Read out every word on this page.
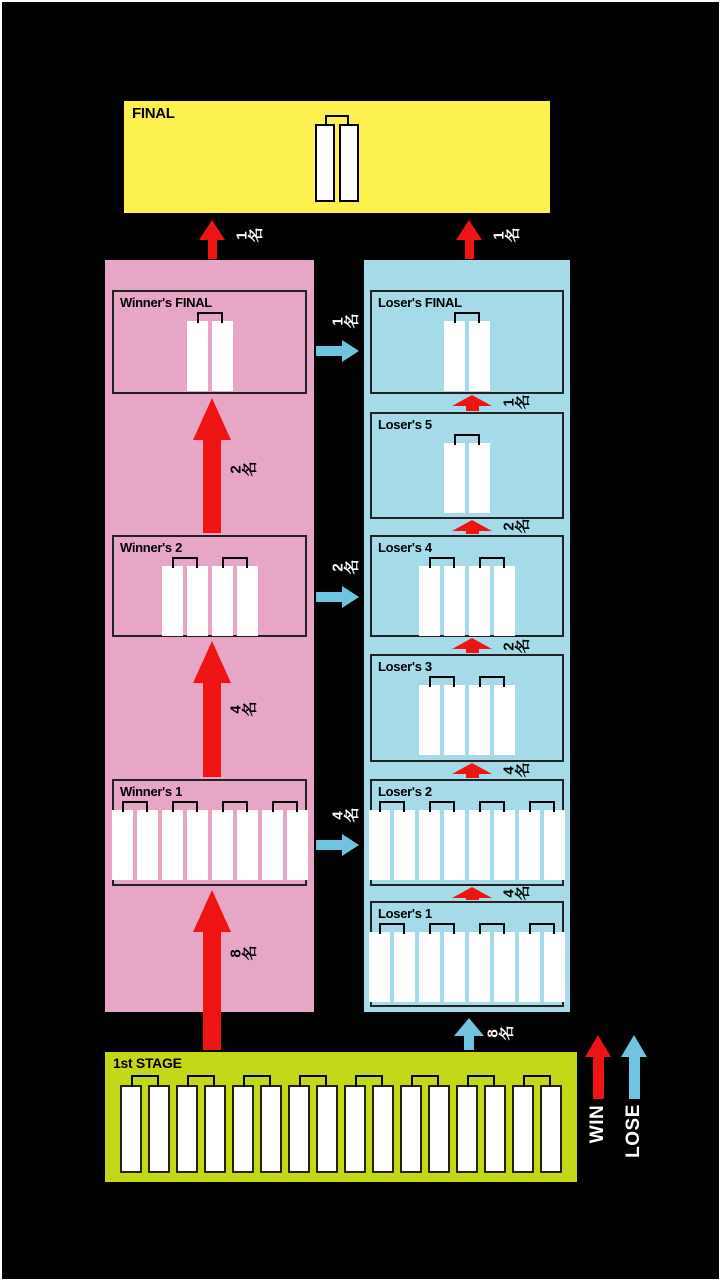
FINAL
1
名	1
名
Winner's FINAL
Winner's 2
Winner's 1
Loser's FINAL
Loser's 5
Loser's 4
Loser's 3
Loser's 2
Loser's 1
2
名
4
名
8
名
1
名
2
名
2
名
4
名
4
名
1
名
2
名
4
名
8
名
1st STAGE
WIN LOSE
